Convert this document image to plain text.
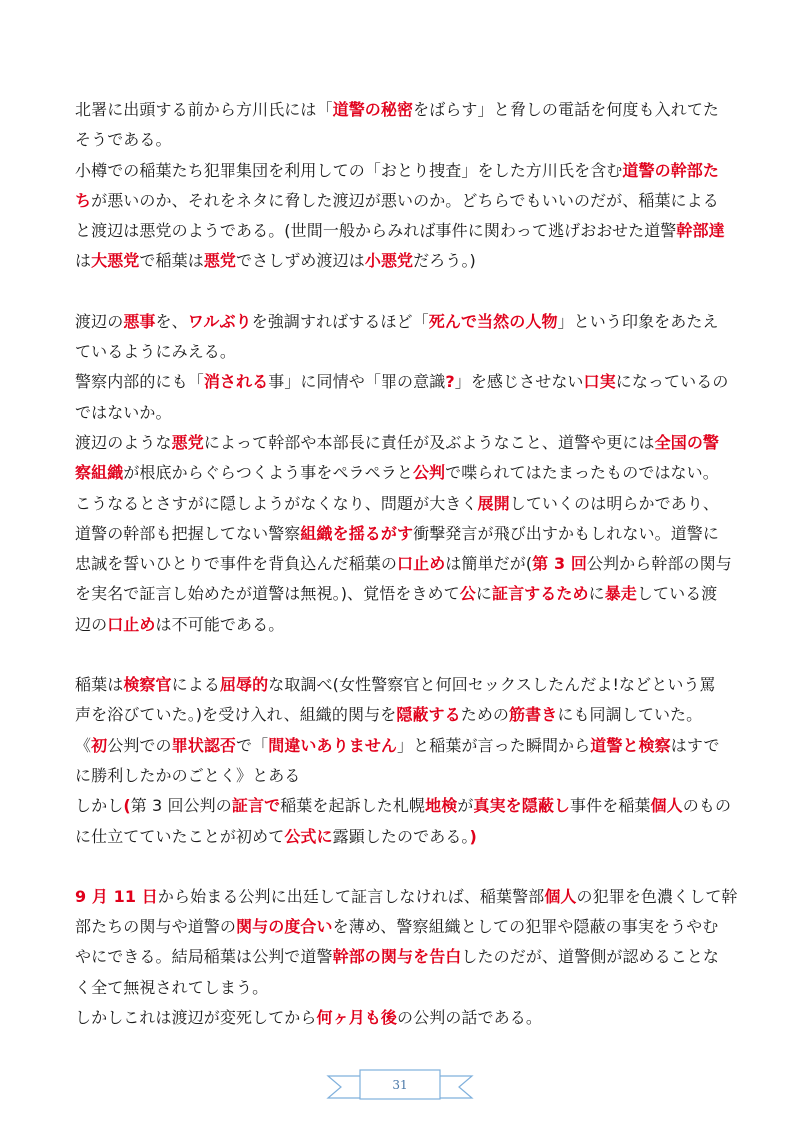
北署に出頭する前から方川氏には「道警の秘密をばらす」と脅しの電話を何度も入れてた
そうである。
小樽での稲葉たち犯罪集団を利用しての「おとり捜査」をした方川氏を含む道警の幹部た
ちが悪いのか、それをネタに脅した渡辺が悪いのか。どちらでもいいのだが、稲葉による
と渡辺は悪党のようである。(世間一般からみれば事件に関わって逃げおおせた道警幹部達
は大悪党で稲葉は悪党でさしずめ渡辺は小悪党だろう。)
渡辺の悪事を、ワルぶりを強調すればするほど「死んで当然の人物」という印象をあたえ
ているようにみえる。
警察内部的にも「消される事」に同情や「罪の意識?」を感じさせない口実になっているの
ではないか。
渡辺のような悪党によって幹部や本部長に責任が及ぶようなこと、道警や更には全国の警
察組織が根底からぐらつくよう事をペラペラと公判で喋られてはたまったものではない。
こうなるとさすがに隠しようがなくなり、問題が大きく展開していくのは明らかであり、
道警の幹部も把握してない警察組織を揺るがす衝撃発言が飛び出すかもしれない。道警に
忠誠を誓いひとりで事件を背負込んだ稲葉の口止めは簡単だが(第 3 回公判から幹部の関与
を実名で証言し始めたが道警は無視。)、覚悟をきめて公に証言するために暴走している渡
辺の口止めは不可能である。
稲葉は検察官による屈辱的な取調べ(女性警察官と何回セックスしたんだよ!などという罵
声を浴びていた。)を受け入れ、組織的関与を隠蔽するための筋書きにも同調していた。
《初公判での罪状認否で「間違いありません」と稲葉が言った瞬間から道警と検察はすで
に勝利したかのごとく》とある
しかし(第 3 回公判の証言で稲葉を起訴した札幌地検が真実を隠蔽し事件を稲葉個人のもの
に仕立てていたことが初めて公式に露顕したのである。)
9 月 11 日から始まる公判に出廷して証言しなければ、稲葉警部個人の犯罪を色濃くして幹
部たちの関与や道警の関与の度合いを薄め、警察組織としての犯罪や隠蔽の事実をうやむ
やにできる。結局稲葉は公判で道警幹部の関与を告白したのだが、道警側が認めることな
く全て無視されてしまう。
しかしこれは渡辺が変死してから何ヶ月も後の公判の話である。
31
